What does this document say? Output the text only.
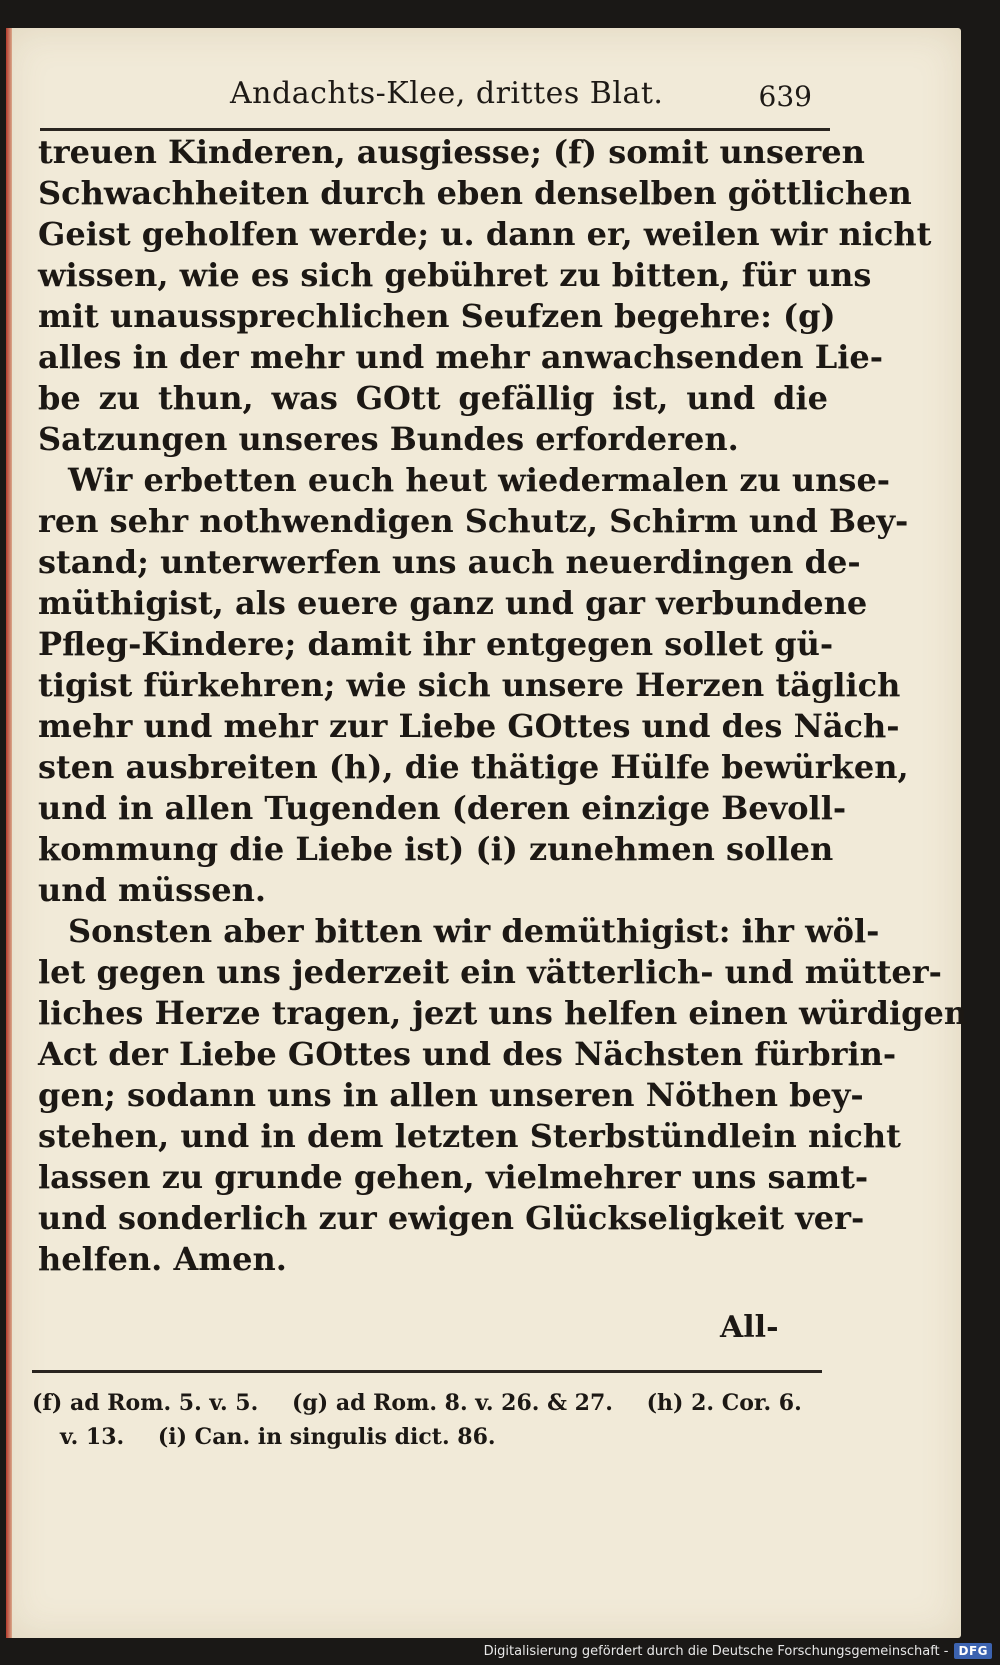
Andachts-Klee, drittes Blat.	639
treuen Kinderen, ausgiesse; (f) somit unseren
Schwachheiten durch eben denselben göttlichen
Geist geholfen werde; u. dann er, weilen wir nicht
wissen, wie es sich gebühret zu bitten, für uns
mit unaussprechlichen Seufzen begehre: (g)
alles in der mehr und mehr anwachsenden Lie-
be zu thun, was GOtt gefällig ist, und die
Satzungen unseres Bundes erforderen.
Wir erbetten euch heut wiedermalen zu unse-
ren sehr nothwendigen Schutz, Schirm und Bey-
stand; unterwerfen uns auch neuerdingen de-
müthigist, als euere ganz und gar verbundene
Pfleg-Kindere; damit ihr entgegen sollet gü-
tigist fürkehren; wie sich unsere Herzen täglich
mehr und mehr zur Liebe GOttes und des Näch-
sten ausbreiten (h), die thätige Hülfe bewürken,
und in allen Tugenden (deren einzige Bevoll-
kommung die Liebe ist) (i) zunehmen sollen
und müssen.
Sonsten aber bitten wir demüthigist: ihr wöl-
let gegen uns jederzeit ein vätterlich- und mütter-
liches Herze tragen, jezt uns helfen einen würdigen
Act der Liebe GOttes und des Nächsten fürbrin-
gen; sodann uns in allen unseren Nöthen bey-
stehen, und in dem letzten Sterbstündlein nicht
lassen zu grunde gehen, vielmehrer uns samt-
und sonderlich zur ewigen Glückseligkeit ver-
helfen. Amen.
All-
(f) ad Rom. 5. v. 5. (g) ad Rom. 8. v. 26. & 27. (h) 2. Cor. 6.
v. 13. (i) Can. in singulis dict. 86.
Digitalisierung gefördert durch die Deutsche Forschungsgemeinschaft - DFG
